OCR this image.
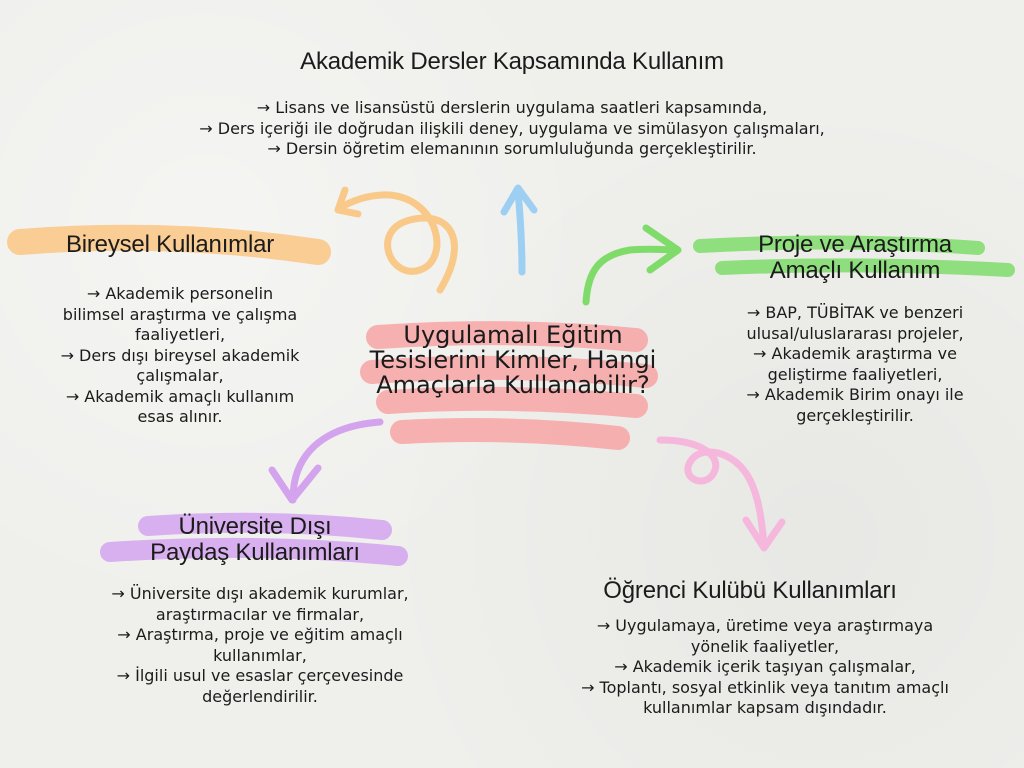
Akademik Dersler Kapsamında Kullanım

→ Lisans ve lisansüstü derslerin uygulama saatleri kapsamında,
→ Ders içeriği ile doğrudan ilişkili deney, uygulama ve simülasyon çalışmaları,
→ Dersin öğretim elemanının sorumluluğunda gerçekleştirilir.

Bireysel Kullanımlar

→ Akademik personelin
bilimsel araştırma ve çalışma
faaliyetleri,
→ Ders dışı bireysel akademik
çalışmalar,
→ Akademik amaçlı kullanım
esas alınır.

Proje ve Araştırma
Amaçlı Kullanım

→ BAP, TÜBİTAK ve benzeri
ulusal/uluslararası projeler,
→ Akademik araştırma ve
geliştirme faaliyetleri,
→ Akademik Birim onayı ile
gerçekleştirilir.

Uygulamalı Eğitim Tesislerini Kimler, Hangi Amaçlarla Kullanabilir?
Üniversite Dışı
Paydaş Kullanımları

→ Üniversite dışı akademik kurumlar,
araştırmacılar ve firmalar,
→ Araştırma, proje ve eğitim amaçlı
kullanımlar,
→ İlgili usul ve esaslar çerçevesinde
değerlendirilir.

Öğrenci Kulübü Kullanımları

→ Uygulamaya, üretime veya araştırmaya
yönelik faaliyetler,
→ Akademik içerik taşıyan çalışmalar,
→ Toplantı, sosyal etkinlik veya tanıtım amaçlı
kullanımlar kapsam dışındadır.
